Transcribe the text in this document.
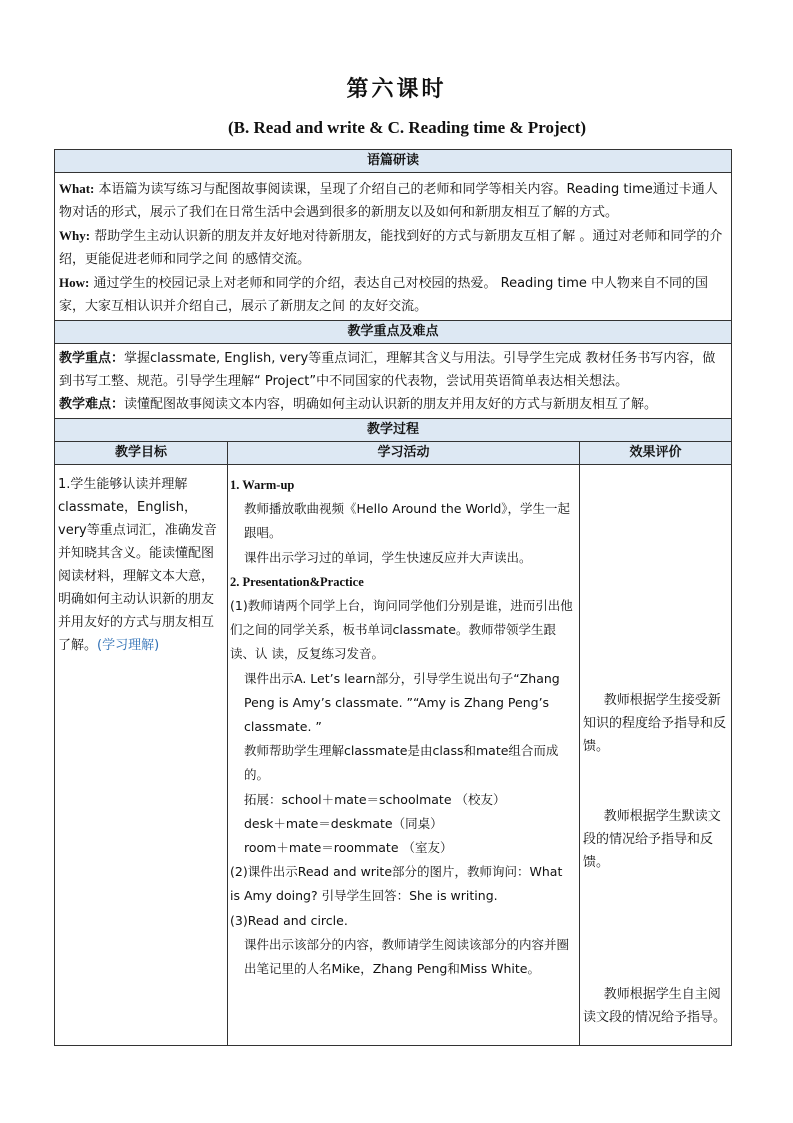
第六课时
(B. Read and write & C. Reading time & Project)
语篇研读

What: 本语篇为读写练习与配图故事阅读课，呈现了介绍自己的老师和同学等相关内容。Reading time通过卡通人物对话的形式，展示了我们在日常生活中会遇到很多的新朋友以及如何和新朋友相互了解的方式。

Why: 帮助学生主动认识新的朋友并友好地对待新朋友，能找到好的方式与新朋友互相了解 。通过对老师和同学的介绍，更能促进老师和同学之间 的感情交流。

How: 通过学生的校园记录上对老师和同学的介绍，表达自己对校园的热爱。 Reading time 中人物来自不同的国家，大家互相认识并介绍自己，展示了新朋友之间 的友好交流。

教学重点及难点

教学重点：掌握classmate, English, very等重点词汇，理解其含义与用法。引导学生完成 教材任务书写内容，做到书写工整、规范。引导学生理解“ Project”中不同国家的代表物，尝试用英语简单表达相关想法。

教学难点：读懂配图故事阅读文本内容，明确如何主动认识新的朋友并用友好的方式与新朋友相互了解。

教学过程
教学目标
1.学生能够认读并理解classmate，English，very等重点词汇，准确发音并知晓其含义。能读懂配图阅读材料，理解文本大意，明确如何主动认识新的朋友并用友好的方式与朋友相互了解。(学习理解)
学习活动
1. Warm-up
教师播放歌曲视频《Hello Around the World》，学生一起跟唱。
课件出示学习过的单词，学生快速反应并大声读出。
2. Presentation&Practice
(1)教师请两个同学上台，询问同学他们分别是谁，进而引出他们之间的同学关系，板书单词classmate。教师带领学生跟读、认 读，反复练习发音。
课件出示A. Let’s learn部分，引导学生说出句子“Zhang Peng is Amy’s classmate. ”“Amy is Zhang Peng’s classmate. ”
教师帮助学生理解classmate是由class和mate组合而成的。
拓展：school＋mate＝schoolmate （校友）
desk＋mate＝deskmate（同桌）
room＋mate＝roommate （室友）
(2)课件出示Read and write部分的图片，教师询问：What is Amy doing? 引导学生回答：She is writing.
(3)Read and circle.
课件出示该部分的内容，教师请学生阅读该部分的内容并圈出笔记里的人名Mike，Zhang Peng和Miss White。
效果评价
教师根据学生接受新知识的程度给予指导和反馈。
教师根据学生默读文段的情况给予指导和反馈。
教师根据学生自主阅读文段的情况给予指导。
